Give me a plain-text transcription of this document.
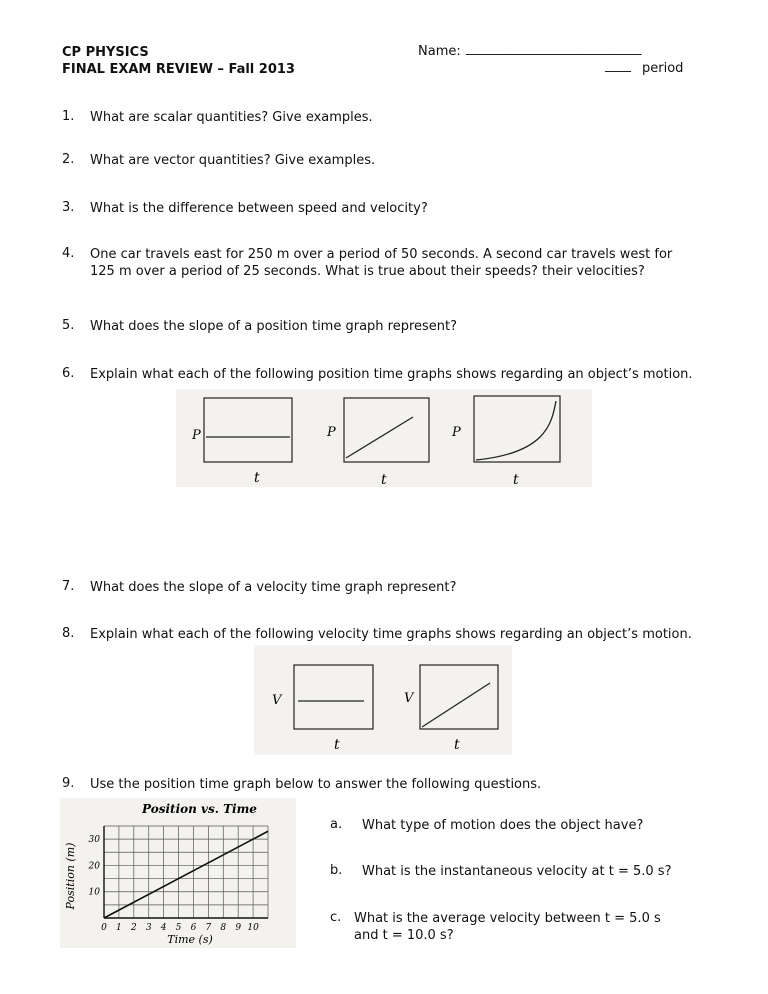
CP PHYSICS
FINAL EXAM REVIEW – Fall 2013
Name: ___________________________
____ period
1. What are scalar quantities? Give examples.
2. What are vector quantities? Give examples.
3. What is the difference between speed and velocity?
4. One car travels east for 250 m over a period of 50 seconds. A second car travels west for
125 m over a period of 25 seconds. What is true about their speeds? their velocities?
5. What does the slope of a position time graph represent?
6. Explain what each of the following position time graphs shows regarding an object’s motion.
P
t
P
t
P
t
7. What does the slope of a velocity time graph represent?
8. Explain what each of the following velocity time graphs shows regarding an object’s motion.
V
t
V
t
9. Use the position time graph below to answer the following questions.
Position vs. Time
Time (s)
Position (m)
0 1 2 3 4 5 6 7 8 9 10
10
20
30
a. What type of motion does the object have?
b. What is the instantaneous velocity at t = 5.0 s?
c. What is the average velocity between t = 5.0 s
and t = 10.0 s?
